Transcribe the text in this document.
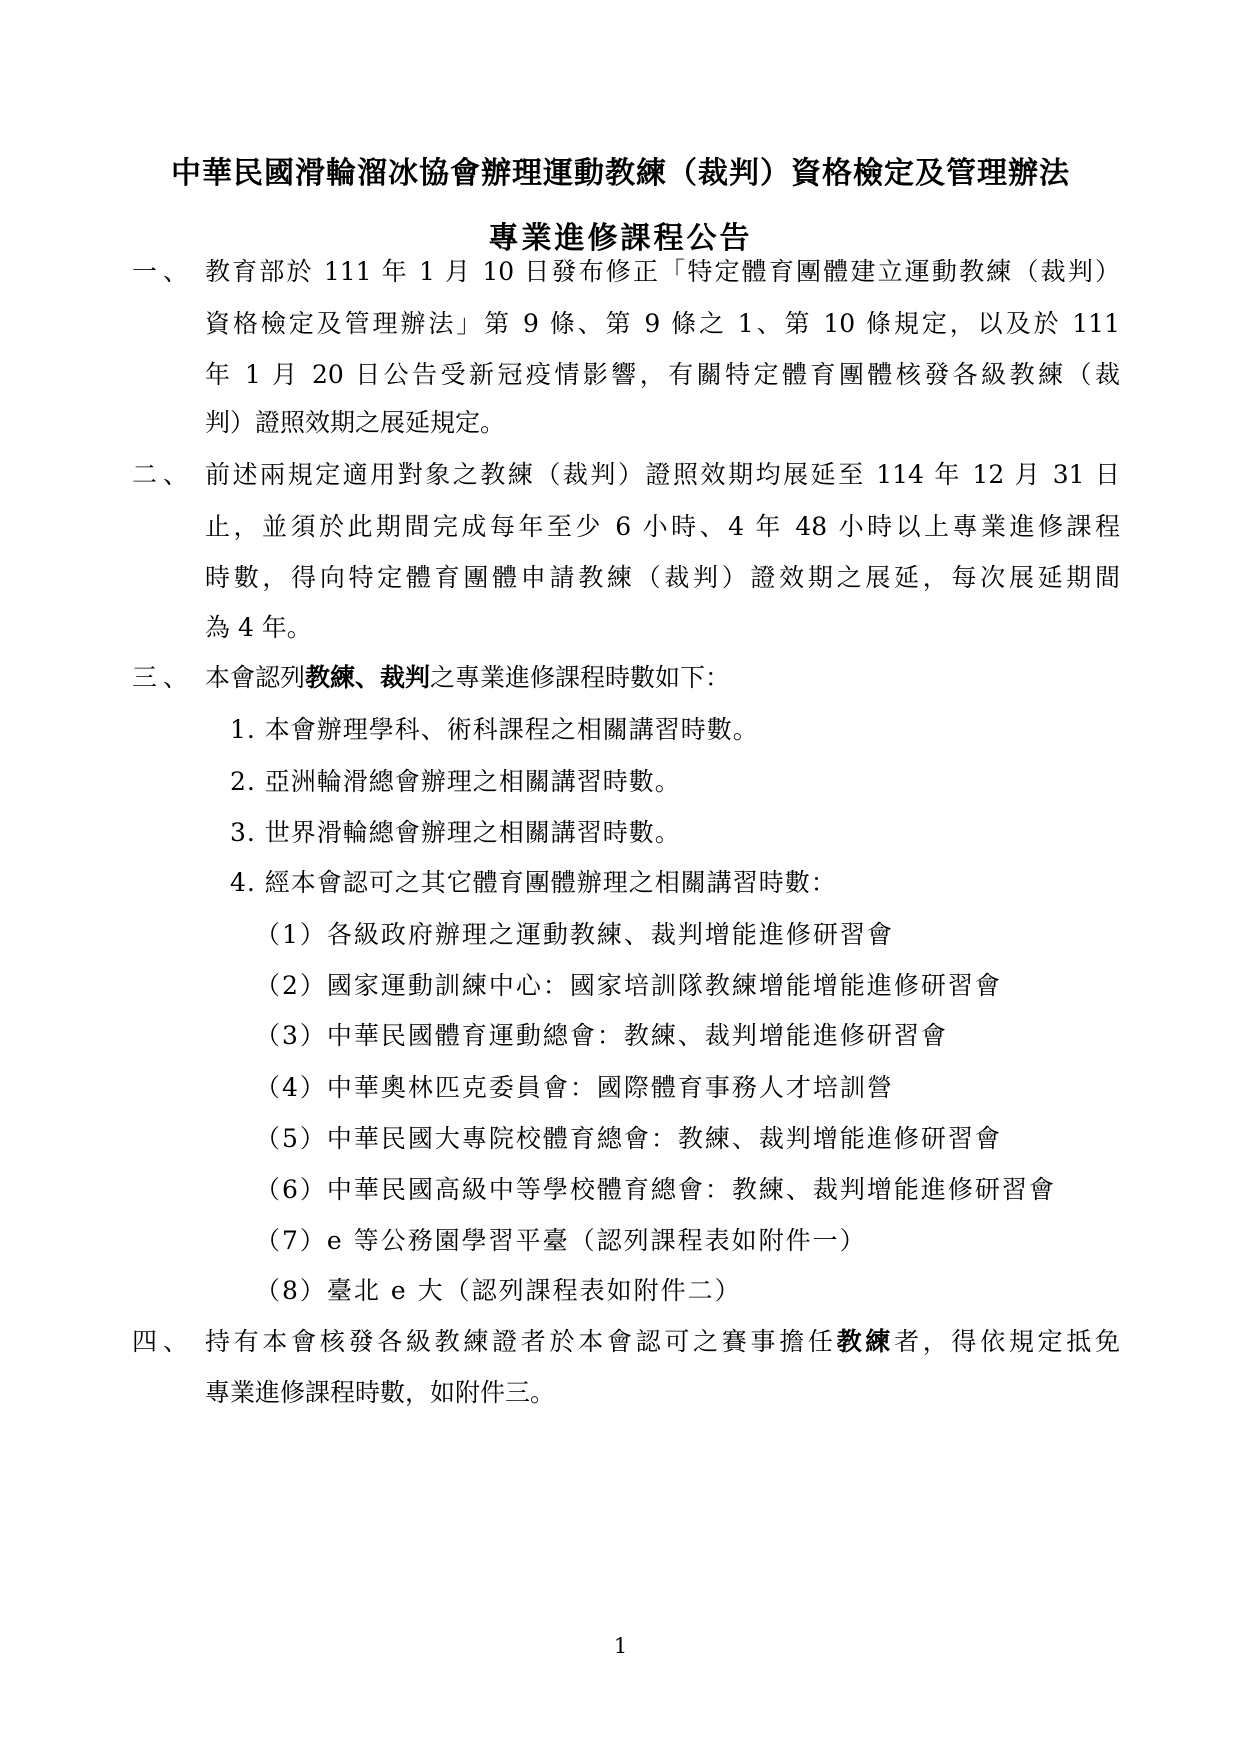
中華民國滑輪溜冰協會辦理運動教練（裁判）資格檢定及管理辦法
專業進修課程公告
一、 教育部於 111 年 1 月 10 日發布修正「特定體育團體建立運動教練（裁判）
資格檢定及管理辦法」第 9 條、第 9 條之 1、第 10 條規定，以及於 111
年 1 月 20 日公告受新冠疫情影響，有關特定體育團體核發各級教練（裁
判）證照效期之展延規定。
二、 前述兩規定適用對象之教練（裁判）證照效期均展延至 114 年 12 月 31 日
止，並須於此期間完成每年至少 6 小時、4 年 48 小時以上專業進修課程
時數，得向特定體育團體申請教練（裁判）證效期之展延，每次展延期間
為 4 年。
三、 本會認列教練、裁判之專業進修課程時數如下：
1. 本會辦理學科、術科課程之相關講習時數。
2. 亞洲輪滑總會辦理之相關講習時數。
3. 世界滑輪總會辦理之相關講習時數。
4. 經本會認可之其它體育團體辦理之相關講習時數：
（1）各級政府辦理之運動教練、裁判增能進修研習會
（2）國家運動訓練中心：國家培訓隊教練增能增能進修研習會
（3）中華民國體育運動總會：教練、裁判增能進修研習會
（4）中華奧林匹克委員會：國際體育事務人才培訓營
（5）中華民國大專院校體育總會：教練、裁判增能進修研習會
（6）中華民國高級中等學校體育總會：教練、裁判增能進修研習會
（7）e 等公務園學習平臺（認列課程表如附件一）
（8）臺北 e 大（認列課程表如附件二）
四、 持有本會核發各級教練證者於本會認可之賽事擔任教練者，得依規定抵免
專業進修課程時數，如附件三。
1
